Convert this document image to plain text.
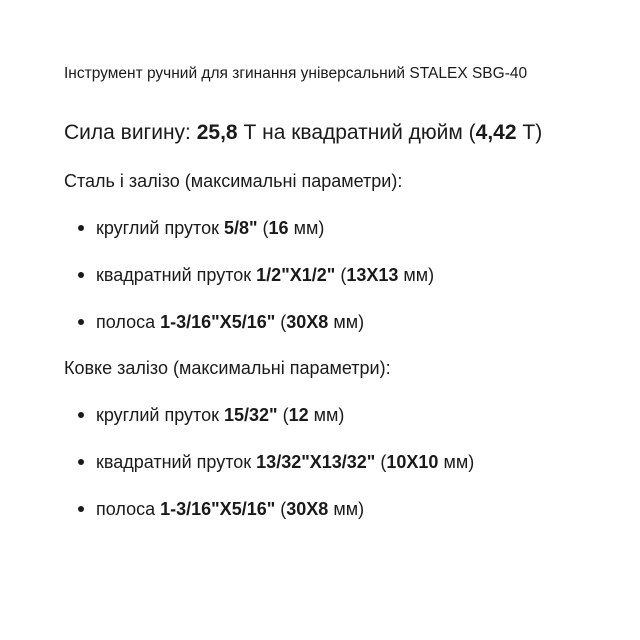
Інструмент ручний для згинання універсальний STALEX SBG-40
Сила вигину: 25,8 Т на квадратний дюйм (4,42 Т)
Сталь і залізо (максимальні параметри):
круглий пруток
5/8"
( 16
мм)
квадратний пруток
1/2"X1/2"
( 13X13
мм)
полоса
1-3/16"X5/16"
( 30X8
мм)
Ковке залізо (максимальні параметри):
круглий пруток
15/32"
( 12
мм)
квадратний пруток
13/32"X13/32"
( 10X10
мм)
полоса
1-3/16"X5/16"
( 30X8
мм)
